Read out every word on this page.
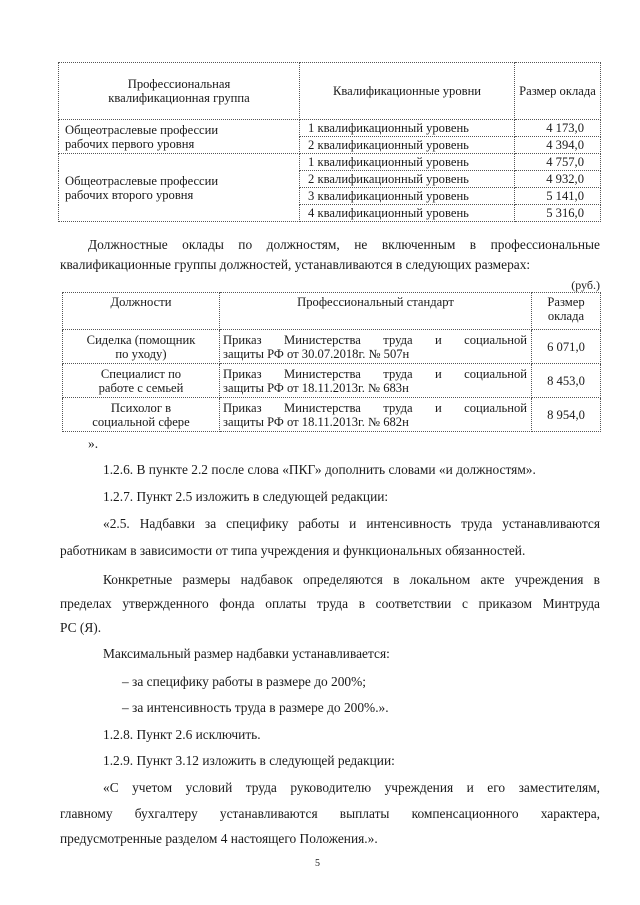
Профессиональная
квалификационная группа	Квалификационные уровни	Размер оклада
Общеотраслевые профессии
рабочих первого уровня	1 квалификационный уровень	4 173,0
	2 квалификационный уровень	4 394,0
Общеотраслевые профессии
рабочих второго уровня	1 квалификационный уровень	4 757,0
	2 квалификационный уровень	4 932,0
	3 квалификационный уровень	5 141,0
	4 квалификационный уровень	5 316,0
Должностные оклады по должностям, не включенным в профессиональные
квалификационные группы должностей, устанавливаются в следующих размерах:
(руб.)
Должности	Профессиональный стандарт	Размер
оклада
Сиделка (помощник
по уходу)	Приказ Министерства труда и социальной
защиты РФ от 30.07.2018г. № 507н	6 071,0
Специалист по
работе с семьей	Приказ Министерства труда и социальной
защиты РФ от 18.11.2013г. № 683н	8 453,0
Психолог в
социальной сфере	Приказ Министерства труда и социальной
защиты РФ от 18.11.2013г. № 682н	8 954,0
».
1.2.6. В пункте 2.2 после слова «ПКГ» дополнить словами «и должностям».
1.2.7. Пункт 2.5 изложить в следующей редакции:
«2.5. Надбавки за специфику работы и интенсивность труда устанавливаются
работникам в зависимости от типа учреждения и функциональных обязанностей.
Конкретные размеры надбавок определяются в локальном акте учреждения в
пределах утвержденного фонда оплаты труда в соответствии с приказом Минтруда
РС (Я).
Максимальный размер надбавки устанавливается:
– за специфику работы в размере до 200%;
– за интенсивность труда в размере до 200%.».
1.2.8. Пункт 2.6 исключить.
1.2.9. Пункт 3.12 изложить в следующей редакции:
«С учетом условий труда руководителю учреждения и его заместителям,
главному бухгалтеру устанавливаются выплаты компенсационного характера,
предусмотренные разделом 4 настоящего Положения.».
5
